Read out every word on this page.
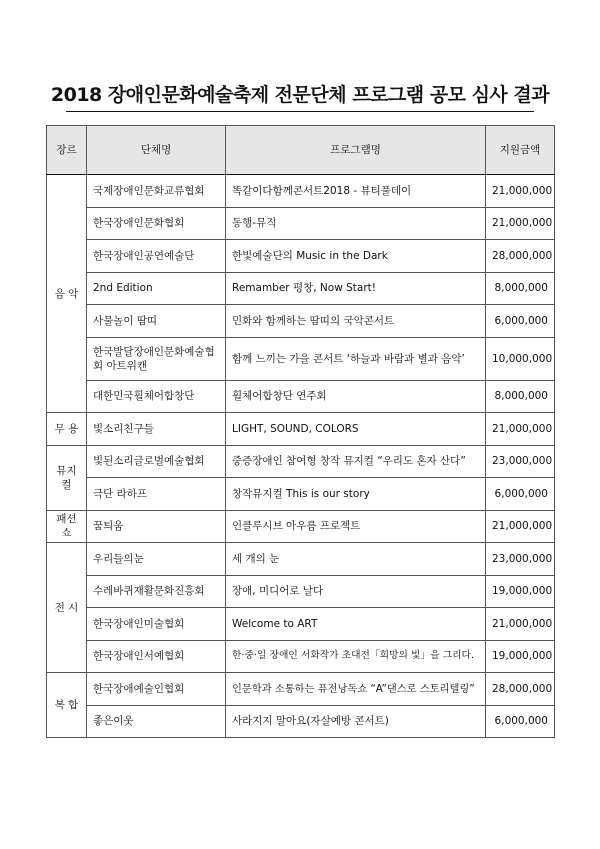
2018 장애인문화예술축제 전문단체 프로그램 공모 심사 결과
장르	단체명	프로그램명	지원금액
음 악	국제장애인문화교류협회	똑같이다함께콘서트2018 - 뷰티풀데이	21,000,000
	한국장애인문화협회	동행-뮤직	21,000,000
	한국장애인공연예술단	한빛예술단의 Music in the Dark	28,000,000
	2nd Edition	Remamber 평창, Now Start!	8,000,000
	사물놀이 땀띠	민화와 함께하는 땀띠의 국악콘서트	6,000,000
	한국발달장애인문화예술협회 아트위캔	함께 느끼는 가을 콘서트 ‘하늘과 바람과 별과 음악’	10,000,000
	대한민국휠체어합창단	휠체어합창단 연주회	8,000,000
무 용	빛소리친구들	LIGHT, SOUND, COLORS	21,000,000
뮤지컬	빛된소리글로벌예술협회	중증장애인 참여형 창작 뮤지컬 “우리도 혼자 산다”	23,000,000
	극단 라하프	창작뮤지컬 This is our story	6,000,000
패션쇼	꿈틔움	인클루시브 아우름 프로젝트	21,000,000
전 시	우리들의눈	세 개의 눈	23,000,000
	수레바퀴재활문화진흥회	장애, 미디어로 날다	19,000,000
	한국장애인미술협회	Welcome to ART	21,000,000
	한국장애인서예협회	한·중·일 장애인 서화작가 초대전「희망의 빛」을 그리다.	19,000,000
복 합	한국장애예술인협회	인문학과 소통하는 퓨전낭독쇼 “A”댄스로 스토리텔링”	28,000,000
	좋은이웃	사라지지 말아요(자살예방 콘서트)	6,000,000
